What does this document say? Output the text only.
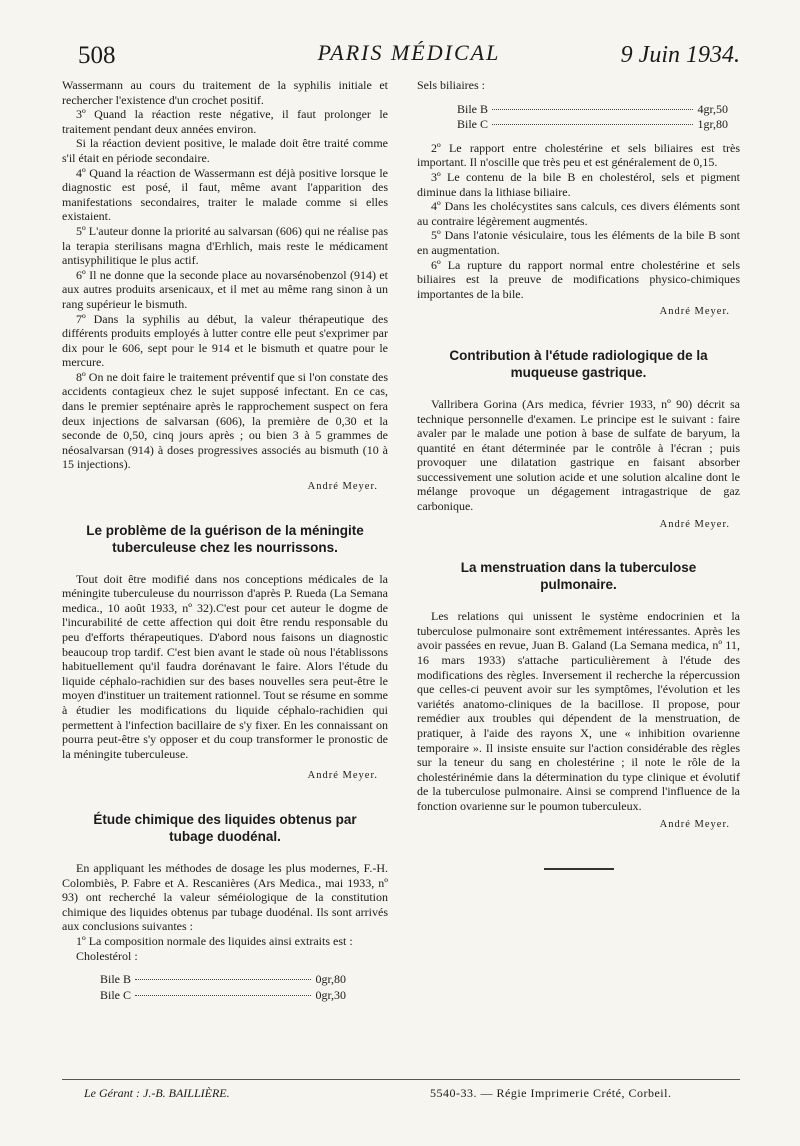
508	PARIS MÉDICAL	9 Juin 1934.

Wassermann au cours du traitement de la syphilis initiale et rechercher l'existence d'un crochet positif.

3º Quand la réaction reste négative, il faut prolonger le traitement pendant deux années environ.

Si la réaction devient positive, le malade doit être traité comme s'il était en période secondaire.

4º Quand la réaction de Wassermann est déjà positive lorsque le diagnostic est posé, il faut, même avant l'apparition des manifestations secondaires, traiter le malade comme si elles existaient.

5º L'auteur donne la priorité au salvarsan (606) qui ne réalise pas la terapia sterilisans magna d'Erhlich, mais reste le médicament antisyphilitique le plus actif.

6º Il ne donne que la seconde place au novarsénobenzol (914) et aux autres produits arsenicaux, et il met au même rang sinon à un rang supérieur le bismuth.

7º Dans la syphilis au début, la valeur thérapeutique des différents produits employés à lutter contre elle peut s'exprimer par dix pour le 606, sept pour le 914 et le bismuth et quatre pour le mercure.

8º On ne doit faire le traitement préventif que si l'on constate des accidents contagieux chez le sujet supposé infectant. En ce cas, dans le premier septénaire après le rapprochement suspect on fera deux injections de salvarsan (606), la première de 0,30 et la seconde de 0,50, cinq jours après ; ou bien 3 à 5 grammes de néosalvarsan (914) à doses progressives associés au bismuth (10 à 15 injections).

André Meyer.
Le problème de la guérison de la méningite tuberculeuse chez les nourrissons.

Tout doit être modifié dans nos conceptions médicales de la méningite tuberculeuse du nourrisson d'après P. Rueda (La Semana medica., 10 août 1933, nº 32).C'est pour cet auteur le dogme de l'incurabilité de cette affection qui doit être rendu responsable du peu d'efforts thérapeutiques. D'abord nous faisons un diagnostic beaucoup trop tardif. C'est bien avant le stade où nous l'établissons habituellement qu'il faudra dorénavant le faire. Alors l'étude du liquide céphalo-rachidien sur des bases nouvelles sera peut-être le moyen d'instituer un traitement rationnel. Tout se résume en somme à étudier les modifications du liquide céphalo-rachidien qui permettent à l'infection bacillaire de s'y fixer. En les connaissant on pourra peut-être s'y opposer et du coup transformer le pronostic de la méningite tuberculeuse.

André Meyer.
Étude chimique des liquides obtenus par tubage duodénal.

En appliquant les méthodes de dosage les plus modernes, F.-H. Colombiès, P. Fabre et A. Rescanières (Ars Medica., mai 1933, nº 93) ont recherché la valeur séméiologique de la constitution chimique des liquides obtenus par tubage duodénal. Ils sont arrivés aux conclusions suivantes :

1º La composition normale des liquides ainsi extraits est :

Cholestérol :

Bile B	0gr,80
Bile C	0gr,30

Sels biliaires :

Bile B	4gr,50
Bile C	1gr,80

2º Le rapport entre cholestérine et sels biliaires est très important. Il n'oscille que très peu et est généralement de 0,15.

3º Le contenu de la bile B en cholestérol, sels et pigment diminue dans la lithiase biliaire.

4º Dans les cholécystites sans calculs, ces divers éléments sont au contraire légèrement augmentés.

5º Dans l'atonie vésiculaire, tous les éléments de la bile B sont en augmentation.

6º La rupture du rapport normal entre cholestérine et sels biliaires est la preuve de modifications physico-chimiques importantes de la bile.

André Meyer.
Contribution à l'étude radiologique de la muqueuse gastrique.

Vallribera Gorina (Ars medica, février 1933, nº 90) décrit sa technique personnelle d'examen. Le principe est le suivant : faire avaler par le malade une potion à base de sulfate de baryum, la quantité en étant déterminée par le contrôle à l'écran ; puis provoquer une dilatation gastrique en faisant absorber successivement une solution acide et une solution alcaline dont le mélange provoque un dégagement intragastrique de gaz carbonique.

André Meyer.
La menstruation dans la tuberculose pulmonaire.

Les relations qui unissent le système endocrinien et la tuberculose pulmonaire sont extrêmement intéressantes. Après les avoir passées en revue, Juan B. Galand (La Semana medica, nº 11, 16 mars 1933) s'attache particulièrement à l'étude des modifications des règles. Inversement il recherche la répercussion que celles-ci peuvent avoir sur les symptômes, l'évolution et les variétés anatomo-cliniques de la bacillose. Il propose, pour remédier aux troubles qui dépendent de la menstruation, de pratiquer, à l'aide des rayons X, une « inhibition ovarienne temporaire ». Il insiste ensuite sur l'action considérable des règles sur la teneur du sang en cholestérine ; il note le rôle de la cholestérinémie dans la détermination du type clinique et évolutif de la tuberculose pulmonaire. Ainsi se comprend l'influence de la fonction ovarienne sur le poumon tuberculeux.

André Meyer.
Le Gérant : J.-B. BAILLIÈRE.	5540-33. — Régie Imprimerie Crété, Corbeil.
